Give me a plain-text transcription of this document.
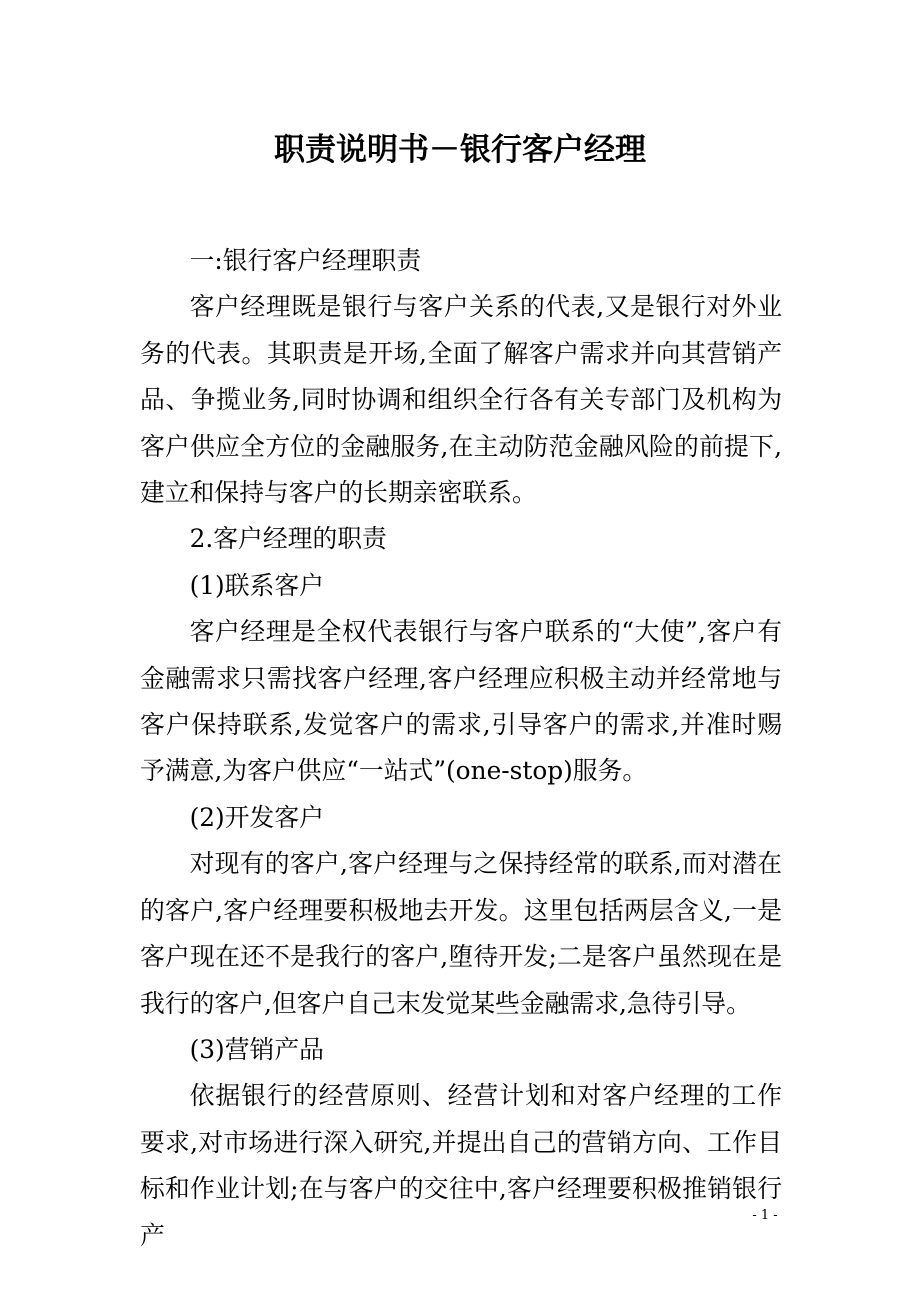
职责说明书－银行客户经理

一:银行客户经理职责

客户经理既是银行与客户关系的代表,又是银行对外业务的代表。其职责是开场,全面了解客户需求并向其营销产品、争揽业务,同时协调和组织全行各有关专部门及机构为客户供应全方位的金融服务,在主动防范金融风险的前提下,建立和保持与客户的长期亲密联系。

2.客户经理的职责

(1)联系客户

客户经理是全权代表银行与客户联系的“大使”,客户有金融需求只需找客户经理,客户经理应积极主动并经常地与客户保持联系,发觉客户的需求,引导客户的需求,并准时赐予满意,为客户供应“一站式”(one-stop)服务。

(2)开发客户

对现有的客户,客户经理与之保持经常的联系,而对潜在的客户,客户经理要积极地去开发。这里包括两层含义,一是客户现在还不是我行的客户,堕待开发;二是客户虽然现在是我行的客户,但客户自己末发觉某些金融需求,急待引导。

(3)营销产品

依据银行的经营原则、经营计划和对客户经理的工作要求,对市场进行深入研究,并提出自己的营销方向、工作目标和作业计划;在与客户的交往中,客户经理要积极推销银行产

- 1 -
